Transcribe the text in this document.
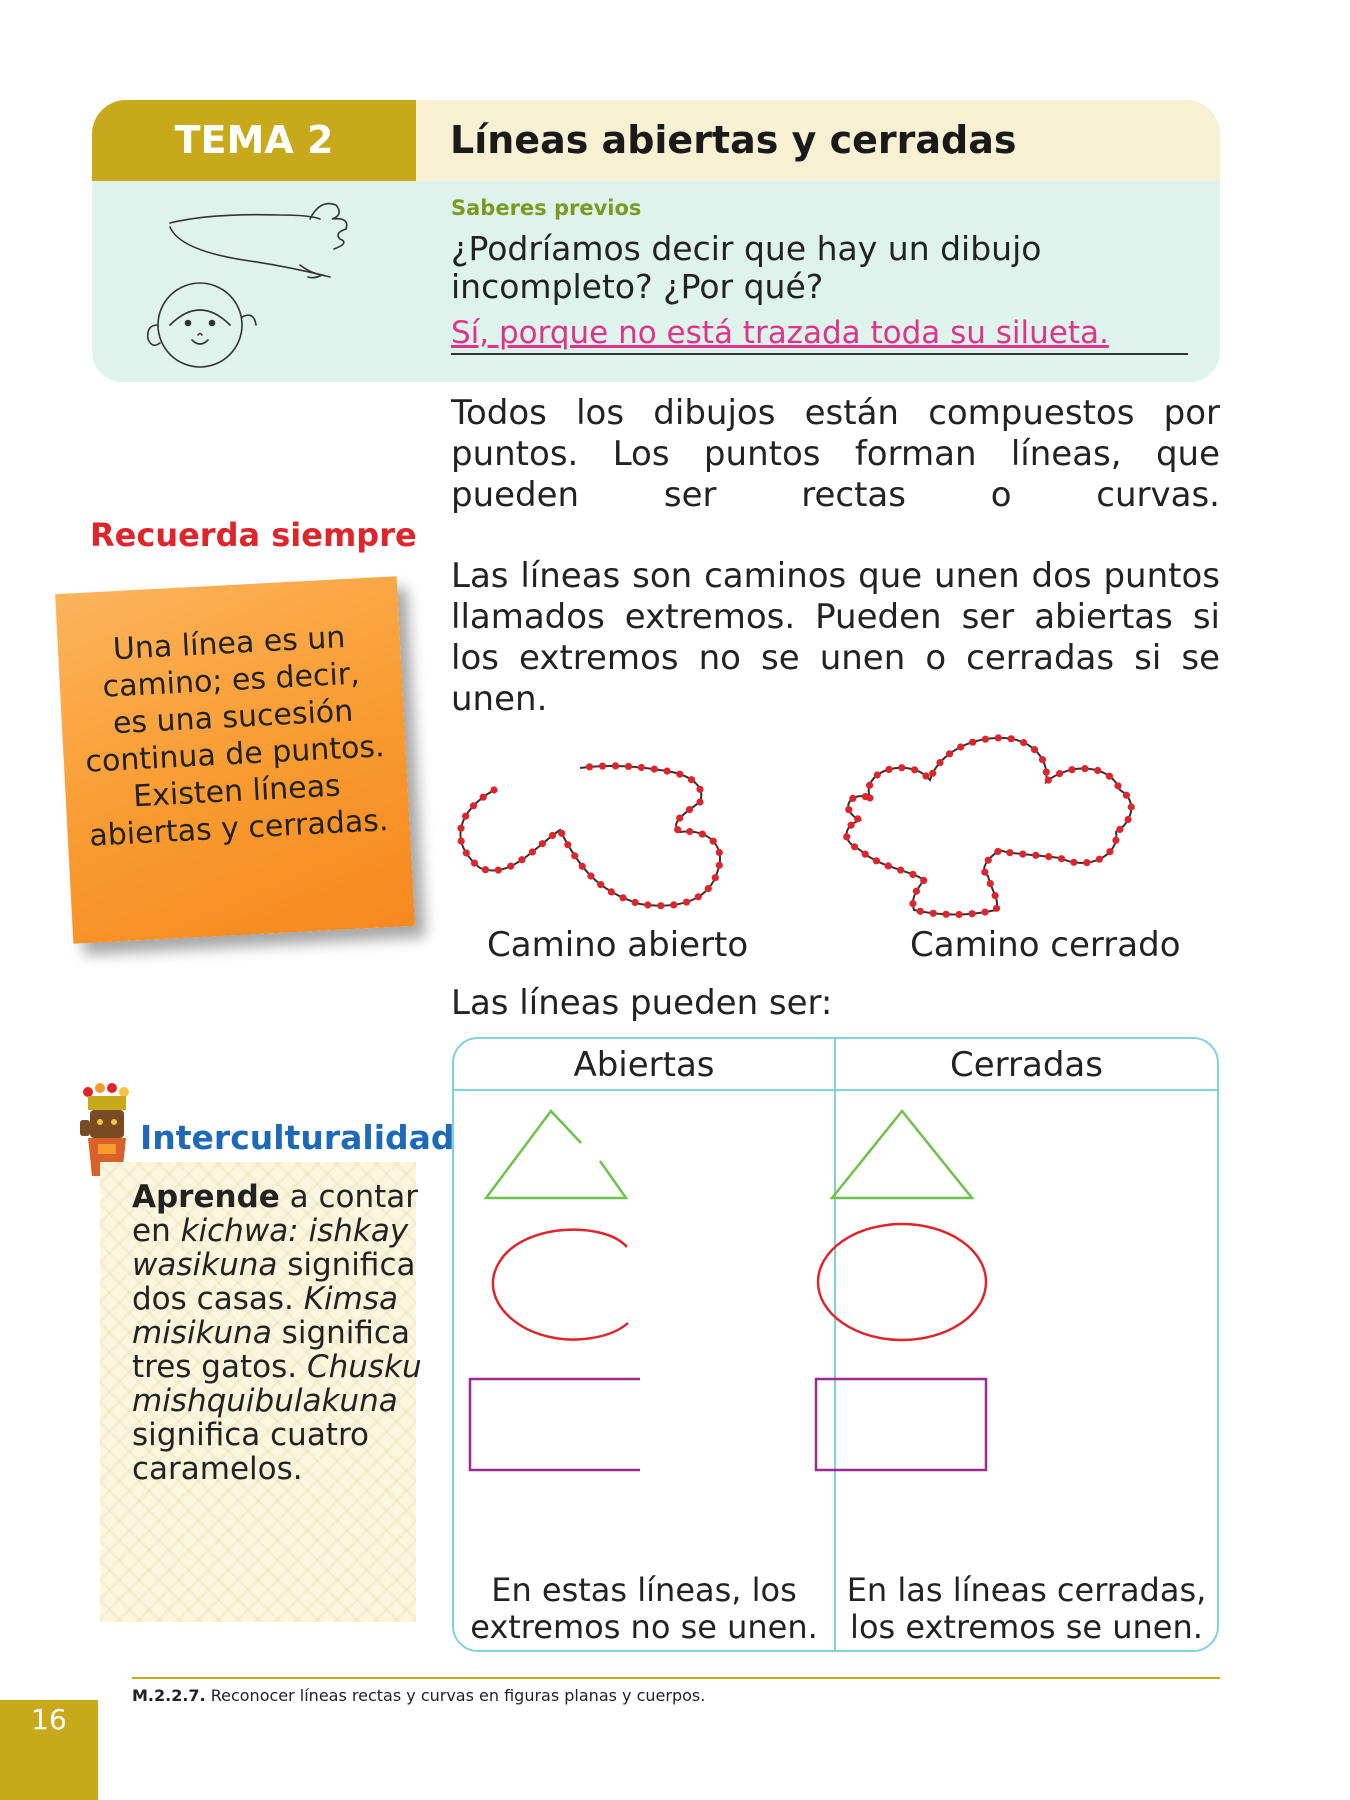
TEMA 2	Líneas abiertas y cerradas
Saberes previos
¿Podríamos decir que hay un dibujo incompleto? ¿Por qué?
Sí, porque no está trazada toda su silueta.
Todos los dibujos están compuestos por puntos. Los puntos forman líneas, que pueden ser rectas o curvas.
Las líneas son caminos que unen dos puntos llamados extremos. Pueden ser abiertas si los extremos no se unen o cerradas si se unen.
Recuerda siempre
Una línea es un camino; es decir, es una sucesión continua de puntos. Existen líneas abiertas y cerradas.
Camino abierto	Camino cerrado
Las líneas pueden ser:
Abiertas	Cerradas
En estas líneas, los extremos no se unen.
En las líneas cerradas, los extremos se unen.
Interculturalidad
Aprende a contar en kichwa: ishkay wasikuna significa dos casas. Kimsa misikuna significa tres gatos. Chusku mishquibulakuna significa cuatro caramelos.
M.2.2.7. Reconocer líneas rectas y curvas en figuras planas y cuerpos.
16
